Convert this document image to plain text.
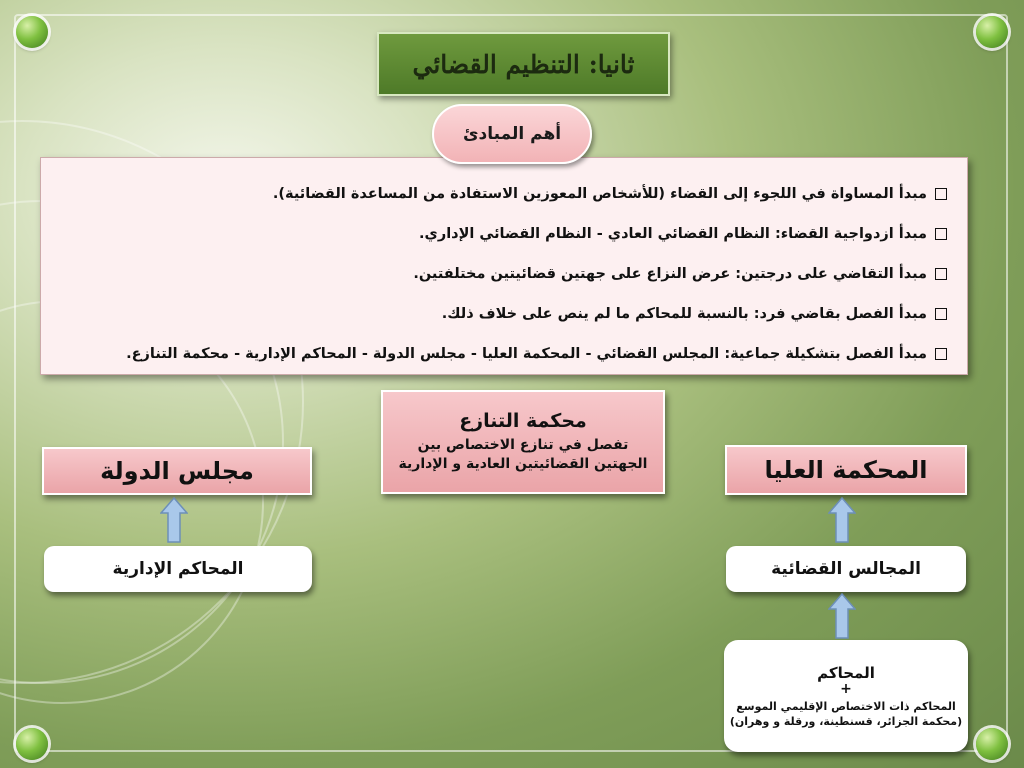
ثانيا: التنظيم القضائي
مبدأ المساواة في اللجوء إلى القضاء (للأشخاص المعوزين الاستفادة من المساعدة القضائية).
مبدأ ازدواجية القضاء: النظام القضائي العادي - النظام القضائي الإداري.
مبدأ التقاضي على درجتين: عرض النزاع على جهتين قضائيتين مختلفتين.
مبدأ الفصل بقاضي فرد: بالنسبة للمحاكم ما لم ينص على خلاف ذلك.
مبدأ الفصل بتشكيلة جماعية: المجلس القضائي - المحكمة العليا - مجلس الدولة - المحاكم الإدارية - محكمة التنازع.
أهم المبادئ
محكمة التنازع
تفصل في تنازع الاختصاص بين
الجهتين القضائيتين العادية و الإدارية
مجلس الدولة
المحاكم الإدارية
المحكمة العليا
المجالس القضائية
المحاكم
+
المحاكم ذات الاختصاص الإقليمي الموسع
(محكمة الجزائر، قسنطينة، ورقلة و وهران)
